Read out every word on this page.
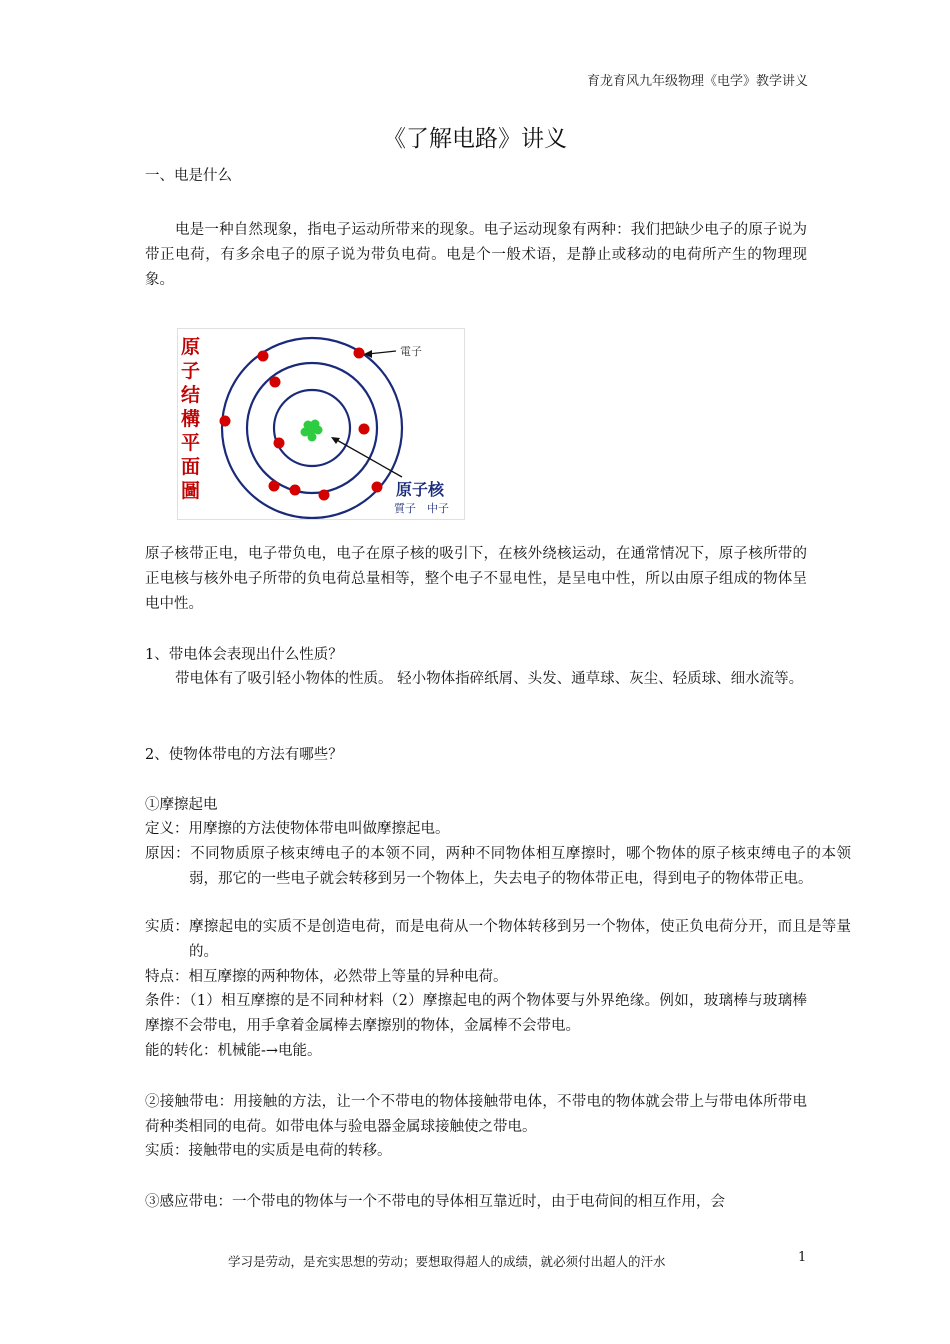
育龙育风九年级物理《电学》教学讲义
《了解电路》讲义
一、电是什么
电是一种自然现象，指电子运动所带来的现象。电子运动现象有两种：我们把缺少电子的原子说为带正电荷，有多余电子的原子说为带负电荷。电是个一般术语，是静止或移动的电荷所产生的物理现象。
原
子
结
構
平
面
圖
電子
原子核
質子　中子
原子核带正电，电子带负电，电子在原子核的吸引下，在核外绕核运动，在通常情况下，原子核所带的正电核与核外电子所带的负电荷总量相等，整个电子不显电性，是呈电中性，所以由原子组成的物体呈电中性。
1、带电体会表现出什么性质？
带电体有了吸引轻小物体的性质。 轻小物体指碎纸屑、头发、通草球、灰尘、轻质球、细水流等。
2、使物体带电的方法有哪些？
①摩擦起电
定义：用摩擦的方法使物体带电叫做摩擦起电。
原因：不同物质原子核束缚电子的本领不同，两种不同物体相互摩擦时，哪个物体的原子核束缚电子的本领弱，那它的一些电子就会转移到另一个物体上，失去电子的物体带正电，得到电子的物体带正电。
实质：摩擦起电的实质不是创造电荷，而是电荷从一个物体转移到另一个物体，使正负电荷分开，而且是等量的。
特点：相互摩擦的两种物体，必然带上等量的异种电荷。
条件：（1）相互摩擦的是不同种材料（2）摩擦起电的两个物体要与外界绝缘。例如，玻璃棒与玻璃棒摩擦不会带电，用手拿着金属棒去摩擦别的物体，金属棒不会带电。
能的转化：机械能-→电能。
②接触带电：用接触的方法，让一个不带电的物体接触带电体，不带电的物体就会带上与带电体所带电荷种类相同的电荷。如带电体与验电器金属球接触使之带电。
实质：接触带电的实质是电荷的转移。
③感应带电：一个带电的物体与一个不带电的导体相互靠近时，由于电荷间的相互作用，会
学习是劳动，是充实思想的劳动；要想取得超人的成绩，就必须付出超人的汗水	1
